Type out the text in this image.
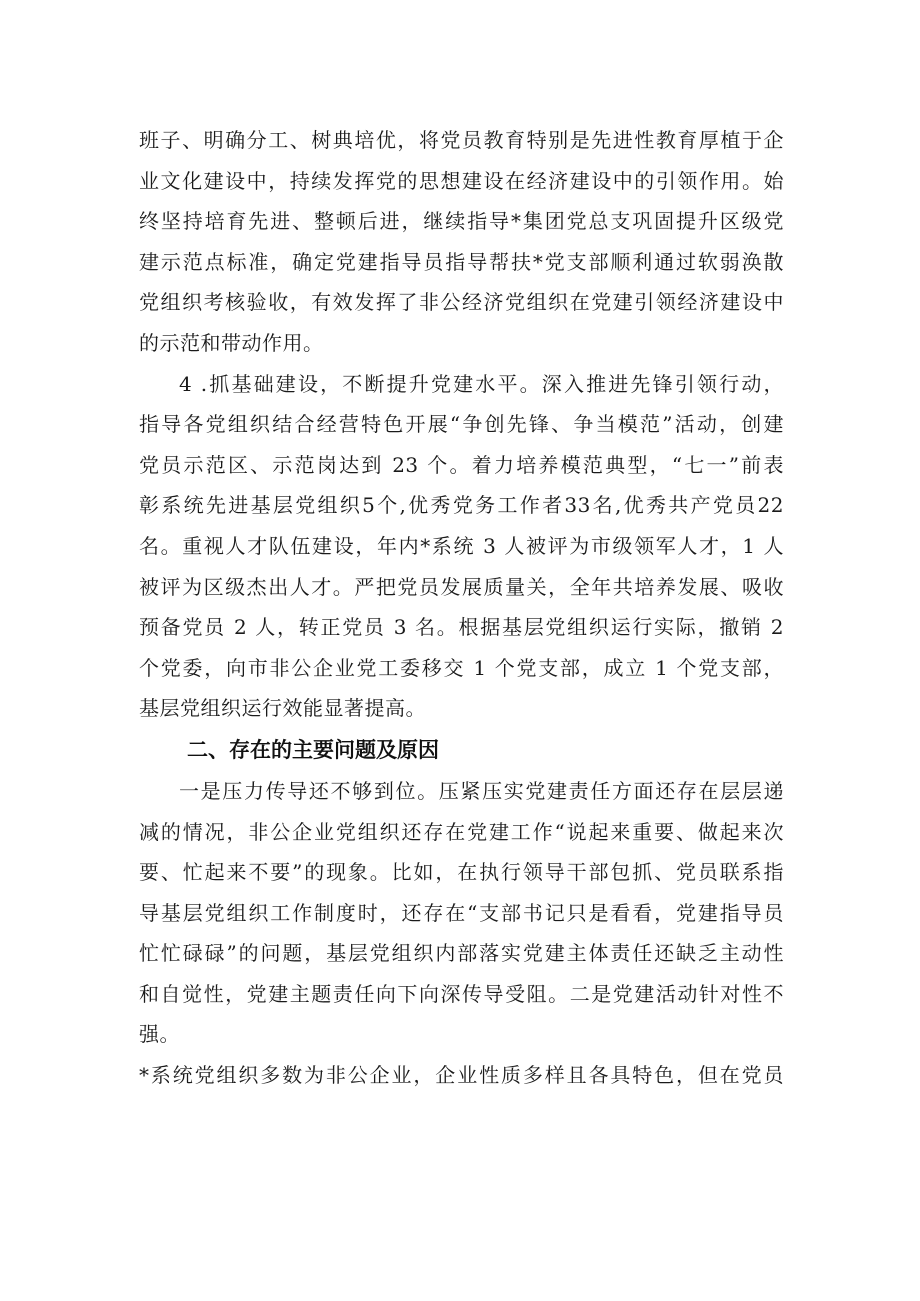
班子、明确分工、树典培优，将党员教育特别是先进性教育厚植于企
业文化建设中，持续发挥党的思想建设在经济建设中的引领作用。始
终坚持培育先进、整顿后进，继续指导*集团党总支巩固提升区级党
建示范点标准，确定党建指导员指导帮扶*党支部顺利通过软弱涣散
党组织考核验收，有效发挥了非公经济党组织在党建引领经济建设中
的示范和带动作用。
4 .抓基础建设，不断提升党建水平。深入推进先锋引领行动，
指导各党组织结合经营特色开展“争创先锋、争当模范”活动，创建
党员示范区、示范岗达到 23 个。着力培养模范典型，“七一”前表
彰系统先进基层党组织5个,优秀党务工作者33名,优秀共产党员22
名。重视人才队伍建设，年内*系统 3 人被评为市级领军人才，1 人
被评为区级杰出人才。严把党员发展质量关，全年共培养发展、吸收
预备党员 2 人，转正党员 3 名。根据基层党组织运行实际，撤销 2
个党委，向市非公企业党工委移交 1 个党支部，成立 1 个党支部，
基层党组织运行效能显著提高。
二、存在的主要问题及原因
一是压力传导还不够到位。压紧压实党建责任方面还存在层层递
减的情况，非公企业党组织还存在党建工作“说起来重要、做起来次
要、忙起来不要”的现象。比如，在执行领导干部包抓、党员联系指
导基层党组织工作制度时，还存在“支部书记只是看看，党建指导员
忙忙碌碌”的问题，基层党组织内部落实党建主体责任还缺乏主动性
和自觉性，党建主题责任向下向深传导受阻。二是党建活动针对性不
强。
*系统党组织多数为非公企业，企业性质多样且各具特色，但在党员
